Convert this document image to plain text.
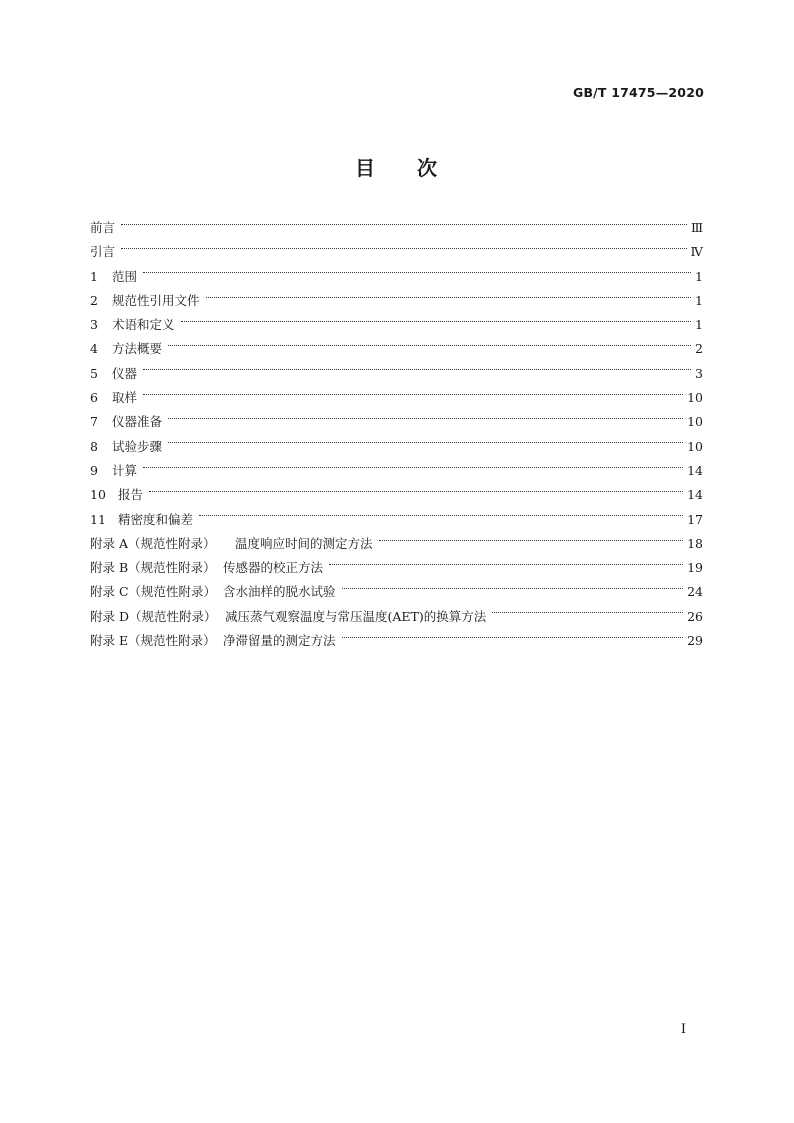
GB/T 17475—2020
目 次
前言	Ⅲ
引言	Ⅳ
1	范围	1
2	规范性引用文件	1
3	术语和定义	1
4	方法概要	2
5	仪器	3
6	取样	10
7	仪器准备	10
8	试验步骤	10
9	计算	14
10 报告	14
11 精密度和偏差	17
附录 A（规范性附录）	温度响应时间的测定方法	18
附录 B（规范性附录） 传感器的校正方法	19
附录 C（规范性附录） 含水油样的脱水试验	24
附录 D（规范性附录） 减压蒸气观察温度与常压温度(AET)的换算方法	26
附录 E（规范性附录） 净滞留量的测定方法	29
I
